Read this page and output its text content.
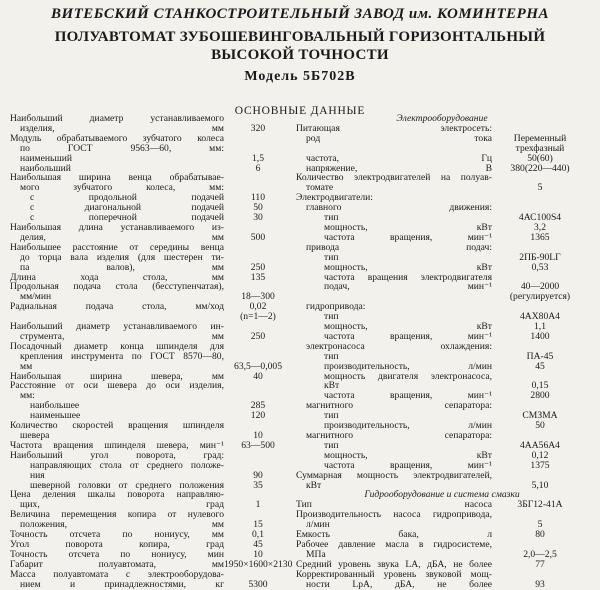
ВИТЕБСКИЙ СТАНКОСТРОИТЕЛЬНЫЙ ЗАВОД им. КОМИНТЕРНА
ПОЛУАВТОМАТ ЗУБОШЕВИНГОВАЛЬНЫЙ ГОРИЗОНТАЛЬНЫЙ
ВЫСОКОЙ ТОЧНОСТИ
Модель 5Б702В
ОСНОВНЫЕ ДАННЫЕ
Наибольший диаметр устанавливаемого
изделия, мм	320
Модуль обрабатываемого зубчатого колеса
по ГОСТ 9563—60, мм:
наименьший	1,5
наибольший	6
Наибольшая ширина венца обрабатывае-
мого зубчатого колеса, мм:
с продольной подачей	110
с диагональной подачей	50
с поперечной подачей	30
Наибольшая длина устанавливаемого из-
делия, мм	500
Наибольшее расстояние от середины венца
до торца вала изделия (для шестерен ти-
па валов), мм	250
Длина хода стола, мм	135
Продольная подача стола (бесступенчатая),
мм/мин	18—300
Радиальная подача стола, мм/ход	0,02
(n=1—2)
Наибольший диаметр устанавливаемого ин-
струмента, мм	250
Посадочный диаметр конца шпинделя для
крепления инструмента по ГОСТ 8570—80,
мм	63,5—0,005
Наибольшая ширина шевера, мм	40
Расстояние от оси шевера до оси изделия,
мм:
наибольшее	285
наименьшее	120
Количество скоростей вращения шпинделя
шевера	10
Частота вращения шпинделя шевера, мин⁻¹	63—500
Наибольший угол поворота, град:
направляющих стола от среднего положе-
ния	90
шеверной головки от среднего положения	35
Цена деления шкалы поворота направляю-
щих, град	1
Величина перемещения копира от нулевого
положения, мм	15
Точность отсчета по нониусу, мм	0,1
Угол поворота копира, град	45
Точность отсчета по нониусу, мин	10
Габарит полуавтомата, мм 1950×1600×2130
Масса полуавтомата с электрооборудова-
нием и принадлежностями, кг	5300
Электрооборудование
Питающая электросеть:
род тока	Переменный
трехфазный
частота, Гц	50(60)
напряжение, В	380(220—440)
Количество электродвигателей на полуав-
томате	5
Электродвигатели:
главного движения:
тип	4АС100S4
мощность, кВт	3,2
частота вращения, мин⁻¹	1365
привода подач:
тип	2ПБ-90LГ
мощность, кВт	0,53
частота вращения электродвигателя
подач, мин⁻¹	40—2000
(регулируется)
гидропривода:
тип	4АХ80А4
мощность, кВт	1,1
частота вращения, мин⁻¹	1400
электронасоса охлаждения:
тип	ПА-45
производительность, л/мин	45
мощность двигателя электронасоса,
кВт	0,15
частота вращения, мин⁻¹	2800
магнитного сепаратора:
тип	СМЗМА
производительность, л/мин	50
магнитного сепаратора:
тип	4АА56А4
мощность, кВт	0,12
частота вращения, мин⁻¹	1375
Суммарная мощность электродвигателей,
кВт	5,10
Гидрооборудование и система смазки
Тип насоса	3БГ12-41А
Производительность насоса гидропривода,
л/мин	5
Емкость бака, л	80
Рабочее давление масла в гидросистеме,
МПа	2,0—2,5
Средний уровень звука LA, дБА, не более	77
Корректированный уровень звуковой мощ-
ности LpA, дБА, не более	93
